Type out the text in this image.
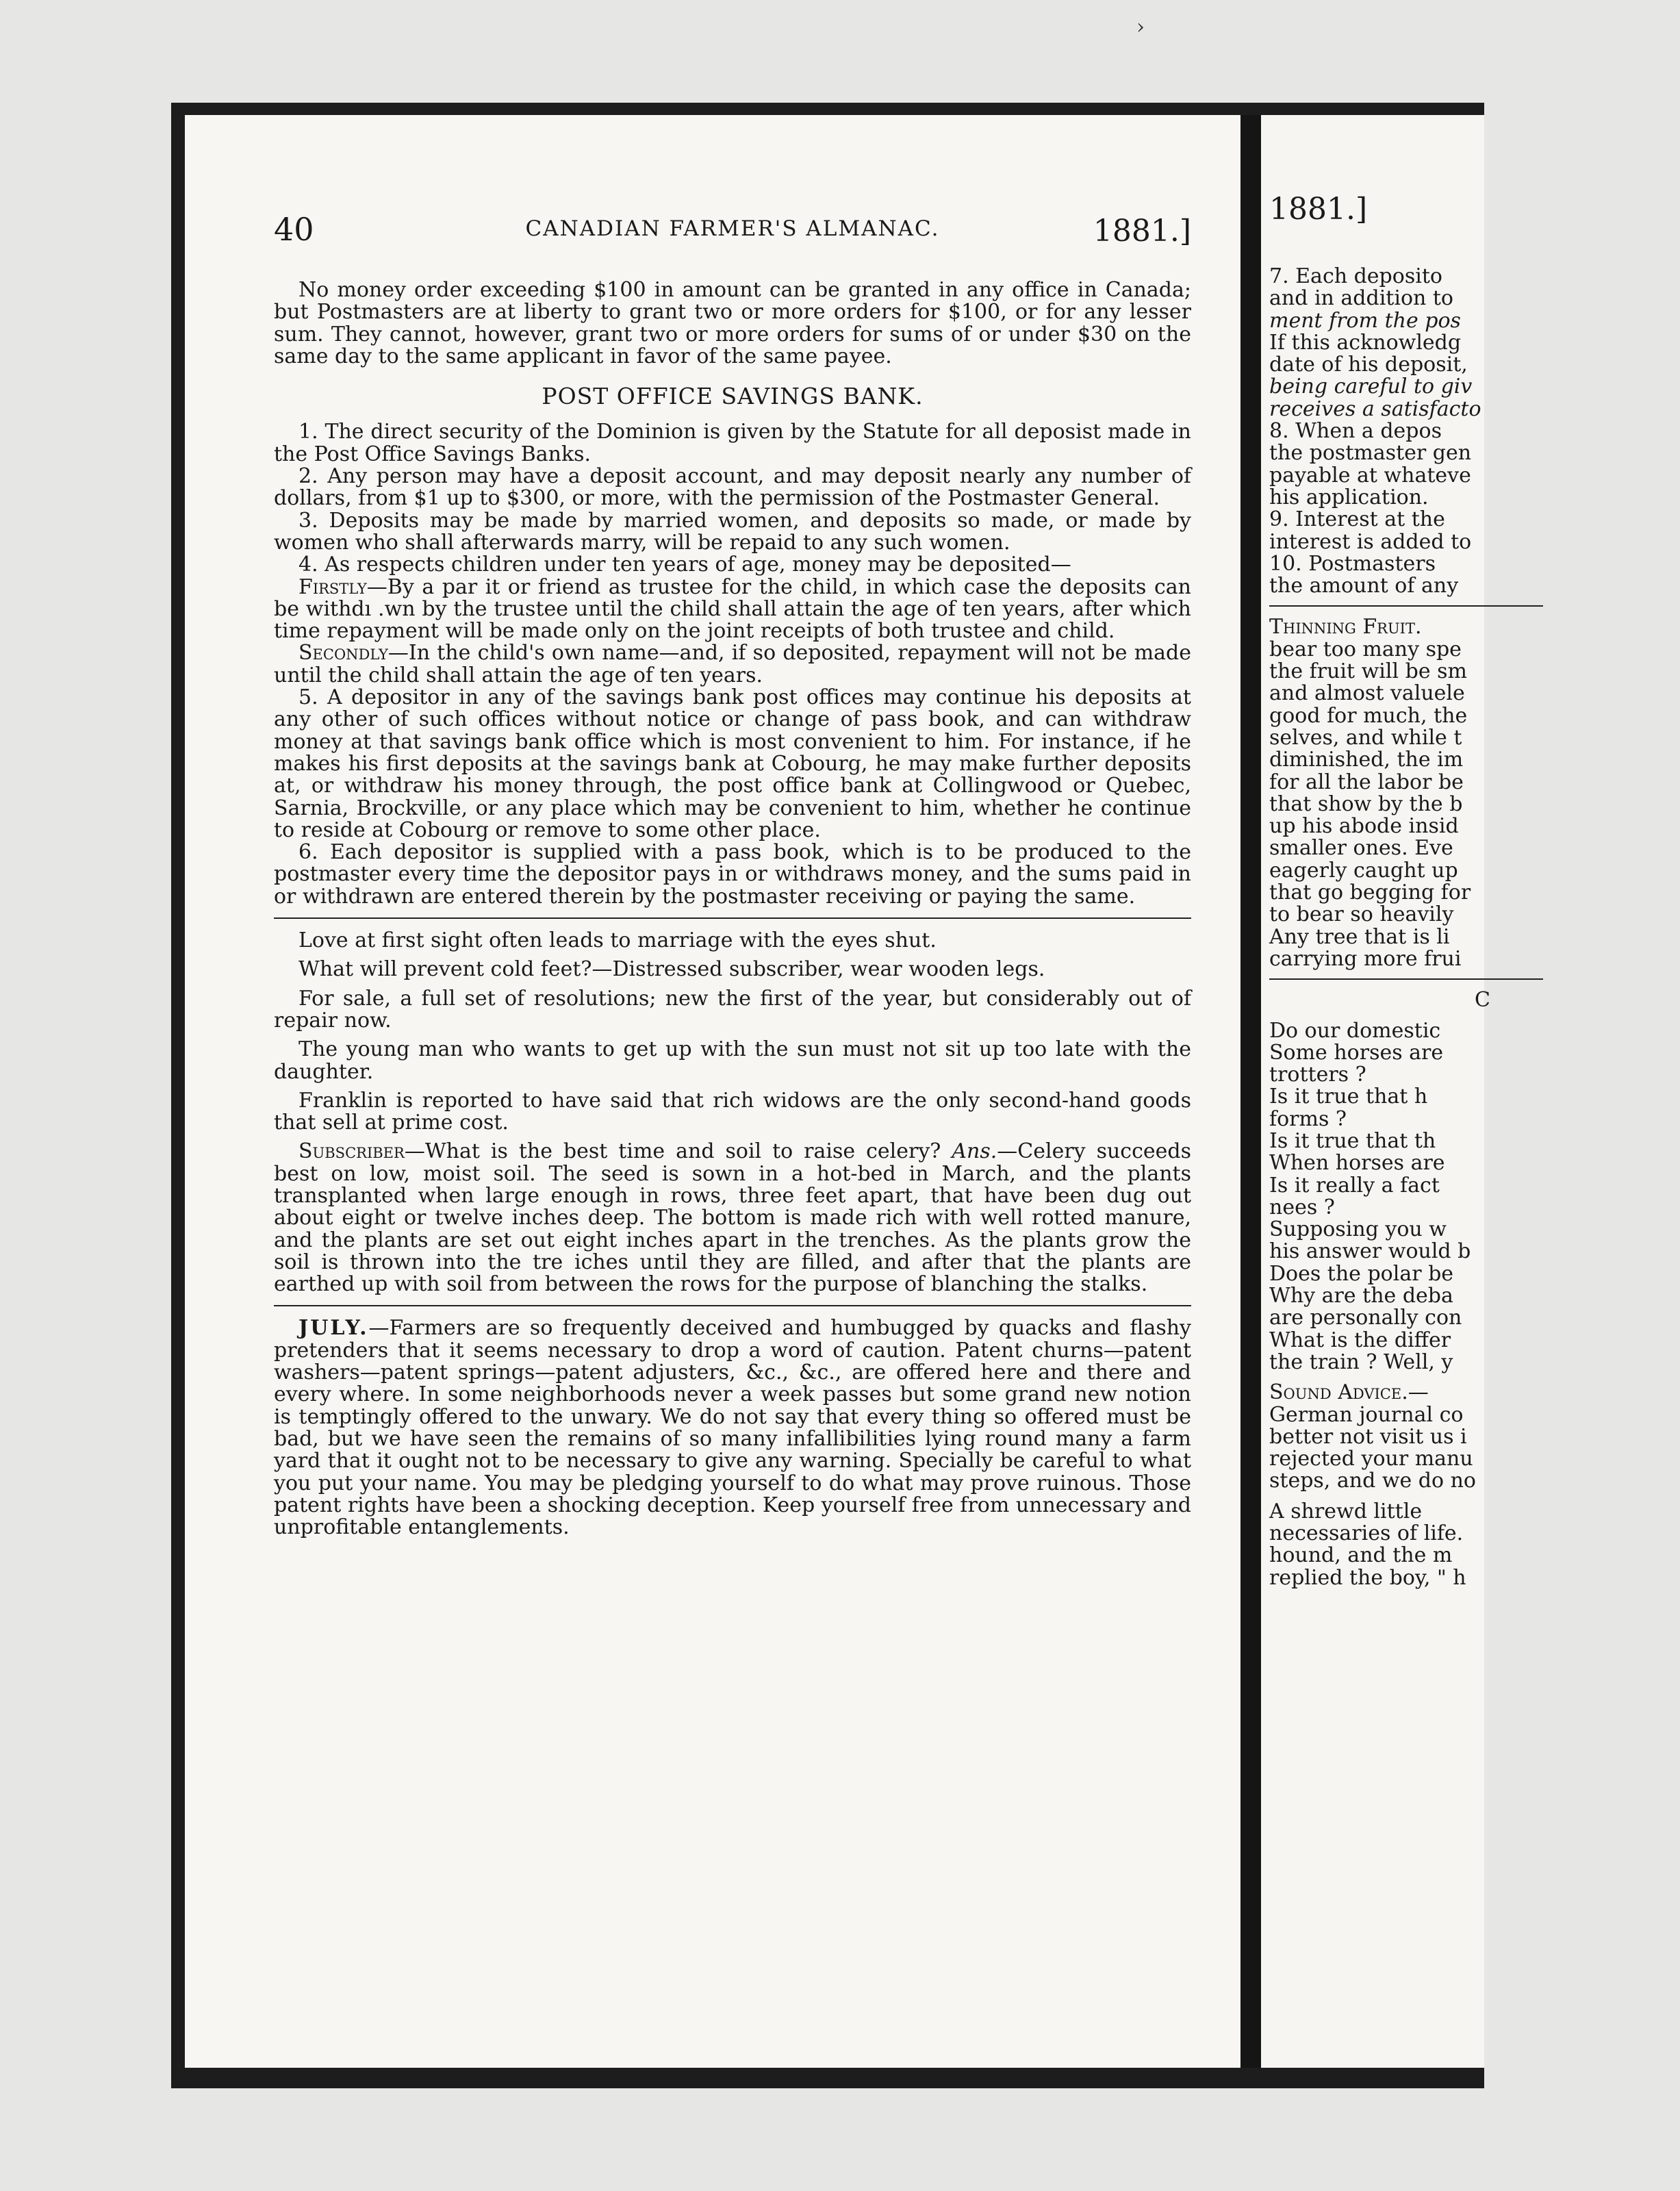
›
40	CANADIAN FARMER'S ALMANAC.	1881.]

No money order exceeding $100 in amount can be granted in any office in Canada; but Postmasters are at liberty to grant two or more orders for $100, or for any lesser sum. They cannot, however, grant two or more orders for sums of or under $30 on the same day to the same applicant in favor of the same payee.

POST OFFICE SAVINGS BANK.

1. The direct security of the Dominion is given by the Statute for all deposist made in the Post Office Savings Banks.

2. Any person may have a deposit account, and may deposit nearly any number of dollars, from $1 up to $300, or more, with the permission of the Postmaster General.

3. Deposits may be made by married women, and deposits so made, or made by women who shall afterwards marry, will be repaid to any such women.

4. As respects children under ten years of age, money may be deposited—

Firstly—By a par it or friend as trustee for the child, in which case the deposits can be withdı .wn by the trustee until the child shall attain the age of ten years, after which time repayment will be made only on the joint receipts of both trustee and child.

Secondly—In the child's own name—and, if so deposited, repayment will not be made until the child shall attain the age of ten years.

5. A depositor in any of the savings bank post offices may continue his deposits at any other of such offices without notice or change of pass book, and can withdraw money at that savings bank office which is most convenient to him. For instance, if he makes his first deposits at the savings bank at Cobourg, he may make further deposits at, or withdraw his money through, the post office bank at Collingwood or Quebec, Sarnia, Brockville, or any place which may be convenient to him, whether he continue to reside at Cobourg or remove to some other place.

6. Each depositor is supplied with a pass book, which is to be produced to the postmaster every time the depositor pays in or withdraws money, and the sums paid in or withdrawn are entered therein by the postmaster receiving or paying the same.

Love at first sight often leads to marriage with the eyes shut.

What will prevent cold feet?—Distressed subscriber, wear wooden legs.

For sale, a full set of resolutions; new the first of the year, but considerably out of repair now.

The young man who wants to get up with the sun must not sit up too late with the daughter.

Franklin is reported to have said that rich widows are the only second-hand goods that sell at prime cost.

Subscriber—What is the best time and soil to raise celery? Ans.—Celery succeeds best on low, moist soil. The seed is sown in a hot-bed in March, and the plants transplanted when large enough in rows, three feet apart, that have been dug out about eight or twelve inches deep. The bottom is made rich with well rotted manure, and the plants are set out eight inches apart in the trenches. As the plants grow the soil is thrown into the tre iches until they are filled, and after that the plants are earthed up with soil from between the rows for the purpose of blanching the stalks.

JULY.—Farmers are so frequently deceived and humbugged by quacks and flashy pretenders that it seems necessary to drop a word of caution. Patent churns—patent washers—patent springs—patent adjusters, &c., &c., are offered here and there and every where. In some neighborhoods never a week passes but some grand new notion is temptingly offered to the unwary. We do not say that every thing so offered must be bad, but we have seen the remains of so many infallibilities lying round many a farm yard that it ought not to be necessary to give any warning. Specially be careful to what you put your name. You may be pledging yourself to do what may prove ruinous. Those patent rights have been a shocking deception. Keep yourself free from unnecessary and unprofitable entanglements.

1881.]
7. Each deposito
and in addition to
ment from the pos
If this acknowledg
date of his deposit,
being careful to giv
receives a satisfacto
8. When a depos
the postmaster gen
payable at whateve
his application.
9. Interest at the
interest is added to
10. Postmasters
the amount of any
Thinning Fruit.
bear too many spe
the fruit will be sm
and almost valuele
good for much, the
selves, and while t
diminished, the im
for all the labor be
that show by the b
up his abode insid
smaller ones. Eve
eagerly caught up
that go begging for
to bear so heavily
Any tree that is li
carrying more frui
C
Do our domestic
Some horses are
trotters ?
Is it true that h
forms ?
Is it true that th
When horses are
Is it really a fact
nees ?
Supposing you w
his answer would b
Does the polar be
Why are the deba
are personally con
What is the differ
the train ? Well, y
Sound Advice.—
German journal co
better not visit us i
rejected your manu
steps, and we do no
A shrewd little
necessaries of life.
hound, and the m
replied the boy, " h
